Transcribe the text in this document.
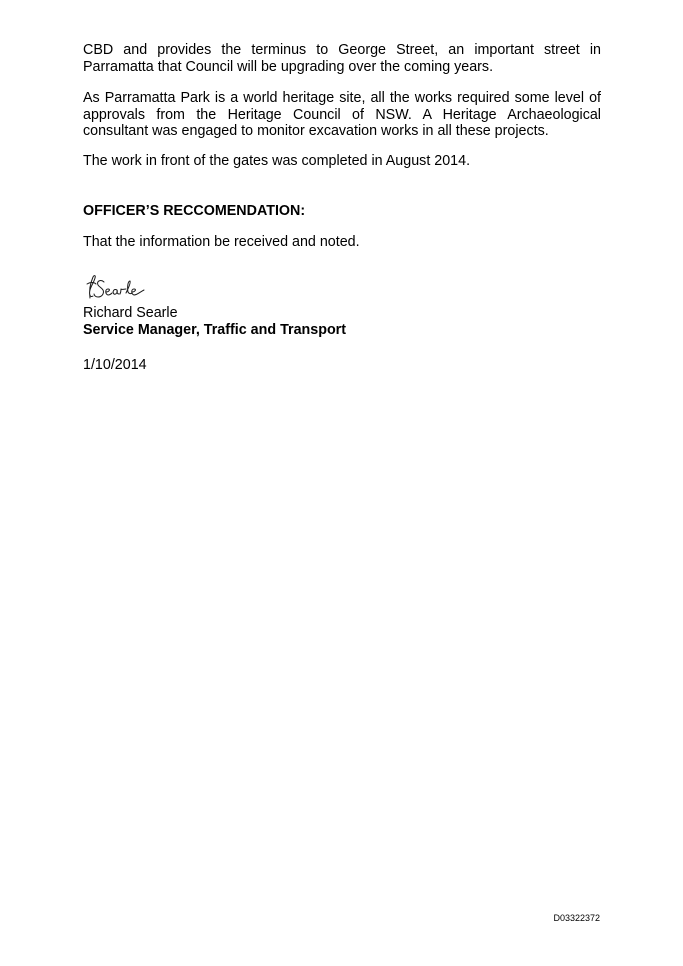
CBD and provides the terminus to George Street, an important street in Parramatta that Council will be upgrading over the coming years.

As Parramatta Park is a world heritage site, all the works required some level of approvals from the Heritage Council of NSW. A Heritage Archaeological consultant was engaged to monitor excavation works in all these projects.

The work in front of the gates was completed in August 2014.

OFFICER’S RECCOMENDATION:

That the information be received and noted.

Richard Searle

Service Manager, Traffic and Transport

1/10/2014

D03322372
